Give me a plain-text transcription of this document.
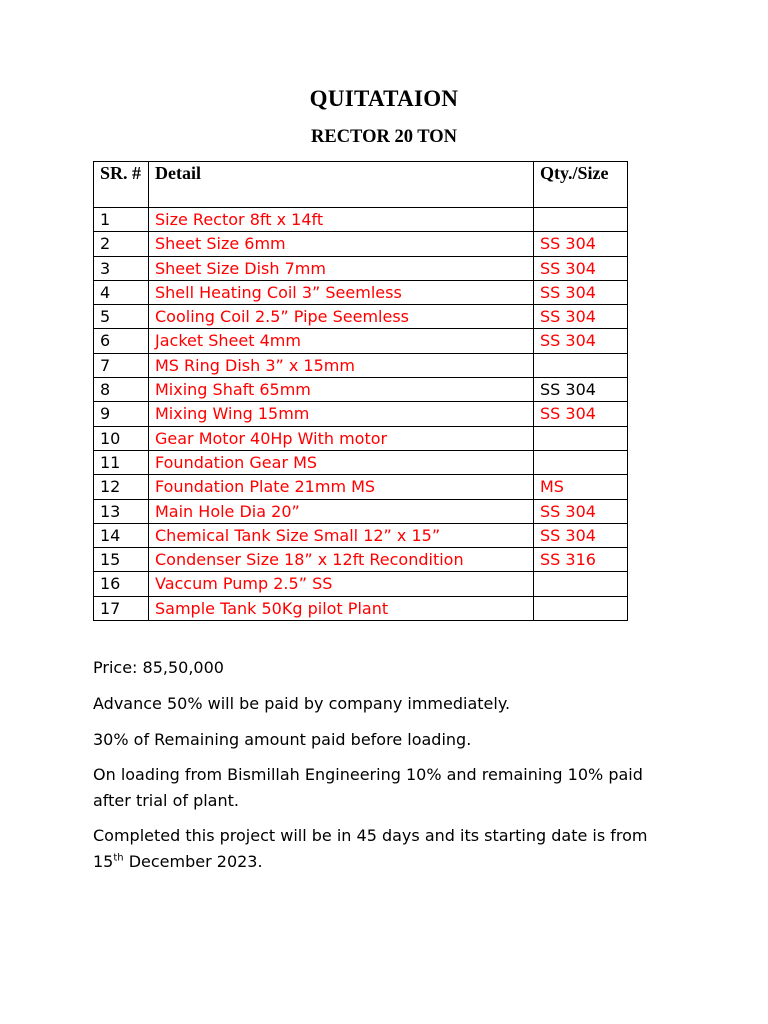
QUITATAION
RECTOR 20 TON
SR. #	Detail	Qty./Size
1	Size Rector 8ft x 14ft	
2	Sheet Size 6mm	SS 304
3	Sheet Size Dish 7mm	SS 304
4	Shell Heating Coil 3” Seemless	SS 304
5	Cooling Coil 2.5” Pipe Seemless	SS 304
6	Jacket Sheet 4mm	SS 304
7	MS Ring Dish 3” x 15mm	
8	Mixing Shaft 65mm	SS 304
9	Mixing Wing 15mm	SS 304
10	Gear Motor 40Hp With motor	
11	Foundation Gear MS	
12	Foundation Plate 21mm MS	MS
13	Main Hole Dia 20”	SS 304
14	Chemical Tank Size Small 12” x 15”	SS 304
15	Condenser Size 18” x 12ft Recondition	SS 316
16	Vaccum Pump 2.5” SS	
17	Sample Tank 50Kg pilot Plant	
Price: 85,50,000
Advance 50% will be paid by company immediately.
30% of Remaining amount paid before loading.
On loading from Bismillah Engineering 10% and remaining 10% paid after trial of plant.
Completed this project will be in 45 days and its starting date is from 15th December 2023.
